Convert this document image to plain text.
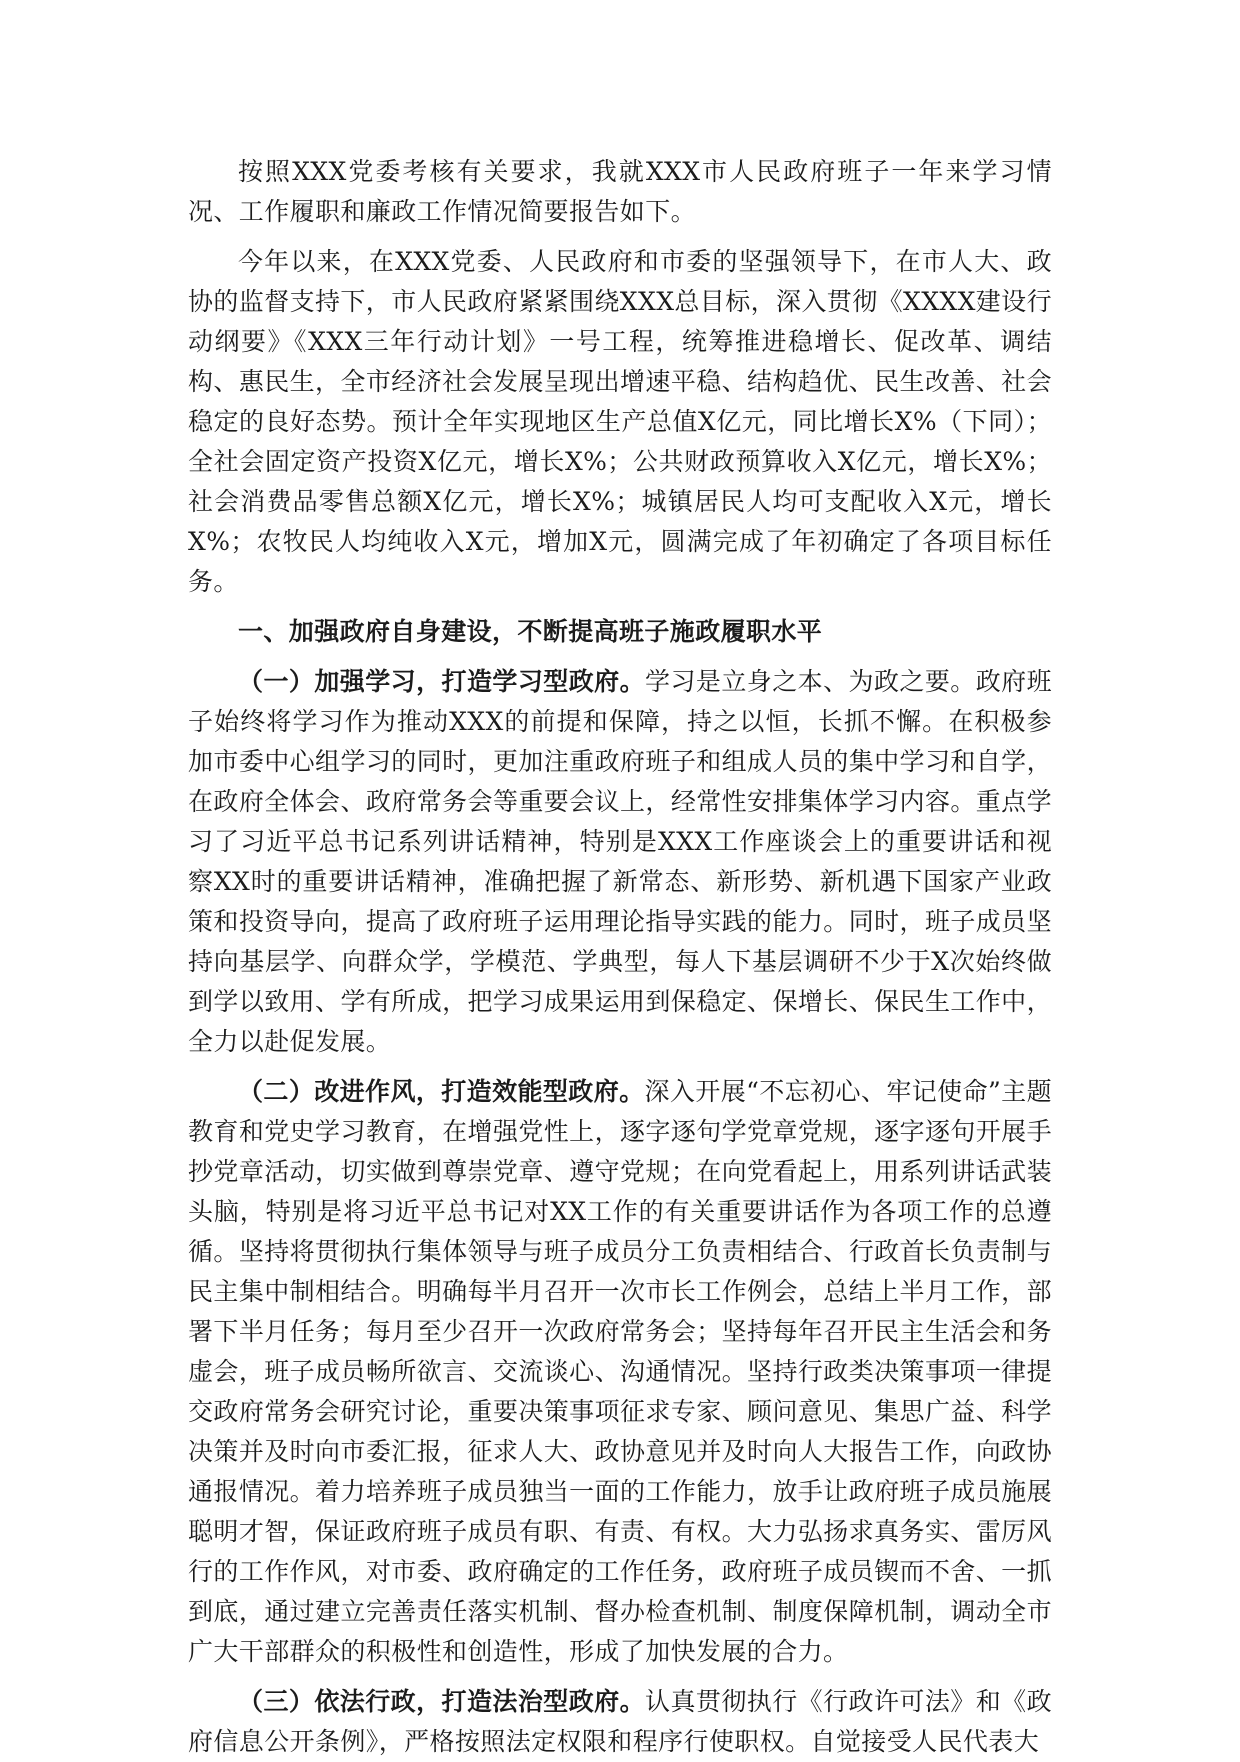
按照XXX党委考核有关要求，我就XXX市人民政府班子一年来学习情况、工作履职和廉政工作情况简要报告如下。

今年以来，在XXX党委、人民政府和市委的坚强领导下，在市人大、政协的监督支持下，市人民政府紧紧围绕XXX总目标，深入贯彻《XXXX建设行动纲要》《XXX三年行动计划》一号工程，统筹推进稳增长、促改革、调结构、惠民生，全市经济社会发展呈现出增速平稳、结构趋优、民生改善、社会稳定的良好态势。预计全年实现地区生产总值X亿元，同比增长X%（下同）；全社会固定资产投资X亿元，增长X%；公共财政预算收入X亿元，增长X%；社会消费品零售总额X亿元，增长X%；城镇居民人均可支配收入X元，增长X%；农牧民人均纯收入X元，增加X元，圆满完成了年初确定了各项目标任务。

一、加强政府自身建设，不断提高班子施政履职水平

（一）加强学习，打造学习型政府。学习是立身之本、为政之要。政府班子始终将学习作为推动XXX的前提和保障，持之以恒，长抓不懈。在积极参加市委中心组学习的同时，更加注重政府班子和组成人员的集中学习和自学，在政府全体会、政府常务会等重要会议上，经常性安排集体学习内容。重点学习了习近平总书记系列讲话精神，特别是XXX工作座谈会上的重要讲话和视察XX时的重要讲话精神，准确把握了新常态、新形势、新机遇下国家产业政策和投资导向，提高了政府班子运用理论指导实践的能力。同时，班子成员坚持向基层学、向群众学，学模范、学典型，每人下基层调研不少于X次始终做到学以致用、学有所成，把学习成果运用到保稳定、保增长、保民生工作中，全力以赴促发展。

（二）改进作风，打造效能型政府。深入开展“不忘初心、牢记使命”主题教育和党史学习教育，在增强党性上，逐字逐句学党章党规，逐字逐句开展手抄党章活动，切实做到尊崇党章、遵守党规；在向党看起上，用系列讲话武装头脑，特别是将习近平总书记对XX工作的有关重要讲话作为各项工作的总遵循。坚持将贯彻执行集体领导与班子成员分工负责相结合、行政首长负责制与民主集中制相结合。明确每半月召开一次市长工作例会，总结上半月工作，部署下半月任务；每月至少召开一次政府常务会；坚持每年召开民主生活会和务虚会，班子成员畅所欲言、交流谈心、沟通情况。坚持行政类决策事项一律提交政府常务会研究讨论，重要决策事项征求专家、顾问意见、集思广益、科学决策并及时向市委汇报，征求人大、政协意见并及时向人大报告工作，向政协通报情况。着力培养班子成员独当一面的工作能力，放手让政府班子成员施展聪明才智，保证政府班子成员有职、有责、有权。大力弘扬求真务实、雷厉风行的工作作风，对市委、政府确定的工作任务，政府班子成员锲而不舍、一抓到底，通过建立完善责任落实机制、督办检查机制、制度保障机制，调动全市广大干部群众的积极性和创造性，形成了加快发展的合力。

（三）依法行政，打造法治型政府。认真贯彻执行《行政许可法》和《政府信息公开条例》，严格按照法定权限和程序行使职权。自觉接受人民代表大
